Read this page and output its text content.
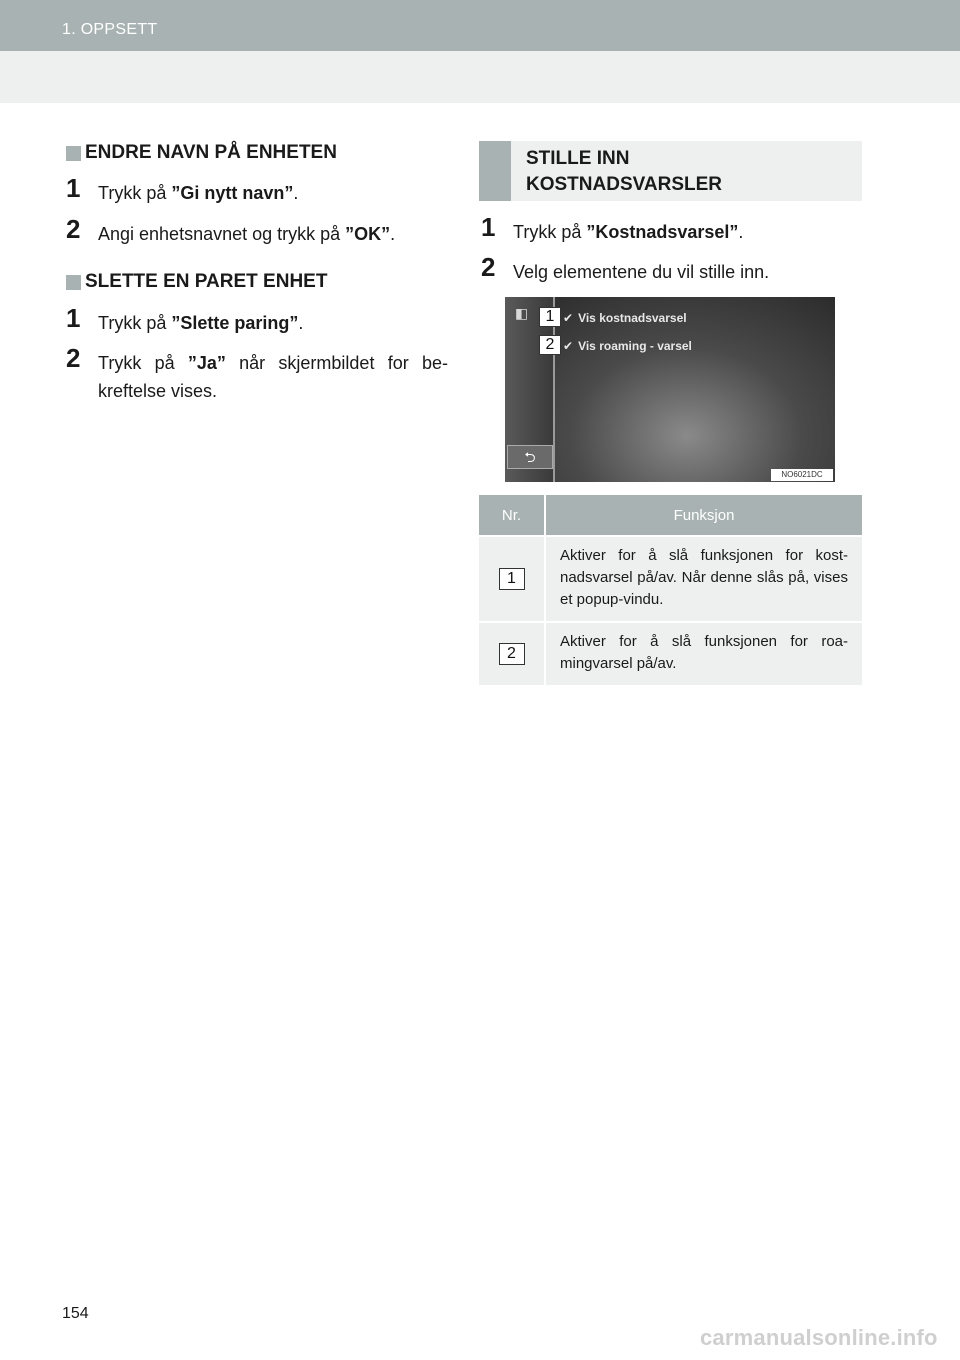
1. OPPSETT
ENDRE NAVN PÅ ENHETEN
1 Trykk på ”Gi nytt navn”.
2 Angi enhetsnavnet og trykk på ”OK”.
SLETTE EN PARET ENHET
1 Trykk på ”Slette paring”.
2 Trykk på ”Ja” når skjermbildet for be-kreftelse vises.
STILLE INN
KOSTNADSVARSLER
1 Trykk på ”Kostnadsvarsel”.
2 Velg elementene du vil stille inn.
◧	✔ Vis kostnadsvarsel
✔ Vis roaming - varsel
1
2
⮌
NO6021DC
Nr.	Funksjon
1	Aktiver for å slå funksjonen for kost-nadsvarsel på/av. Når denne slås på, vises et popup-vindu.
2	Aktiver for å slå funksjonen for roa-mingvarsel på/av.
154
carmanualsonline.info
